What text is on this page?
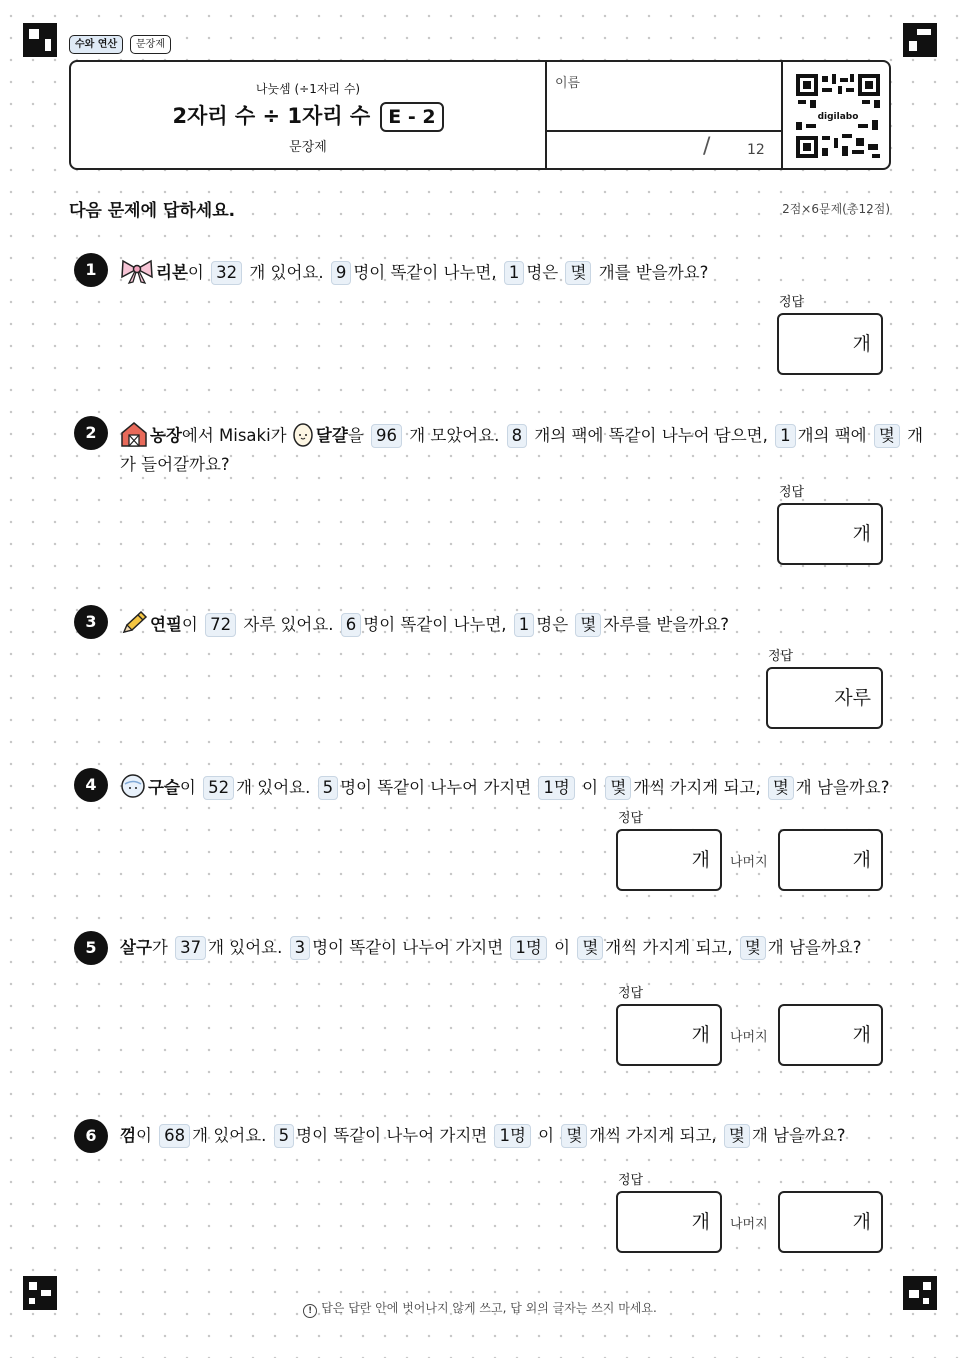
수와 연산	문장제
나눗셈 (÷1자리 수)
2자리 수 ÷ 1자리 수 E - 2
문장제
이름
/	12
digilabo
다음 문제에 답하세요.	2점×6문제(총12점)
1	리본이 32 개 있어요. 9 명이 똑같이 나누면, 1 명은 몇 개를 받을까요?
정답
개
2	농장에서 Misaki가 달걀을 96 개 모았어요. 8 개의 팩에 똑같이 나누어 담으면, 1 개의 팩에 몇 개
가 들어갈까요?
정답
개
3	연필이 72 자루 있어요. 6 명이 똑같이 나누면, 1 명은 몇 자루를 받을까요?
정답
자루
4	구슬이 52 개 있어요. 5 명이 똑같이 나누어 가지면 1명 이 몇 개씩 가지게 되고, 몇 개 남을까요?
정답
개 나머지	개
5	살구가 37 개 있어요. 3 명이 똑같이 나누어 가지면 1명 이 몇 개씩 가지게 되고, 몇 개 남을까요?
정답
개 나머지	개
6	껌이 68 개 있어요. 5 명이 똑같이 나누어 가지면 1명 이 몇 개씩 가지게 되고, 몇 개 남을까요?
정답
개 나머지	개
! 답은 답란 안에 벗어나지 않게 쓰고, 답 외의 글자는 쓰지 마세요.
